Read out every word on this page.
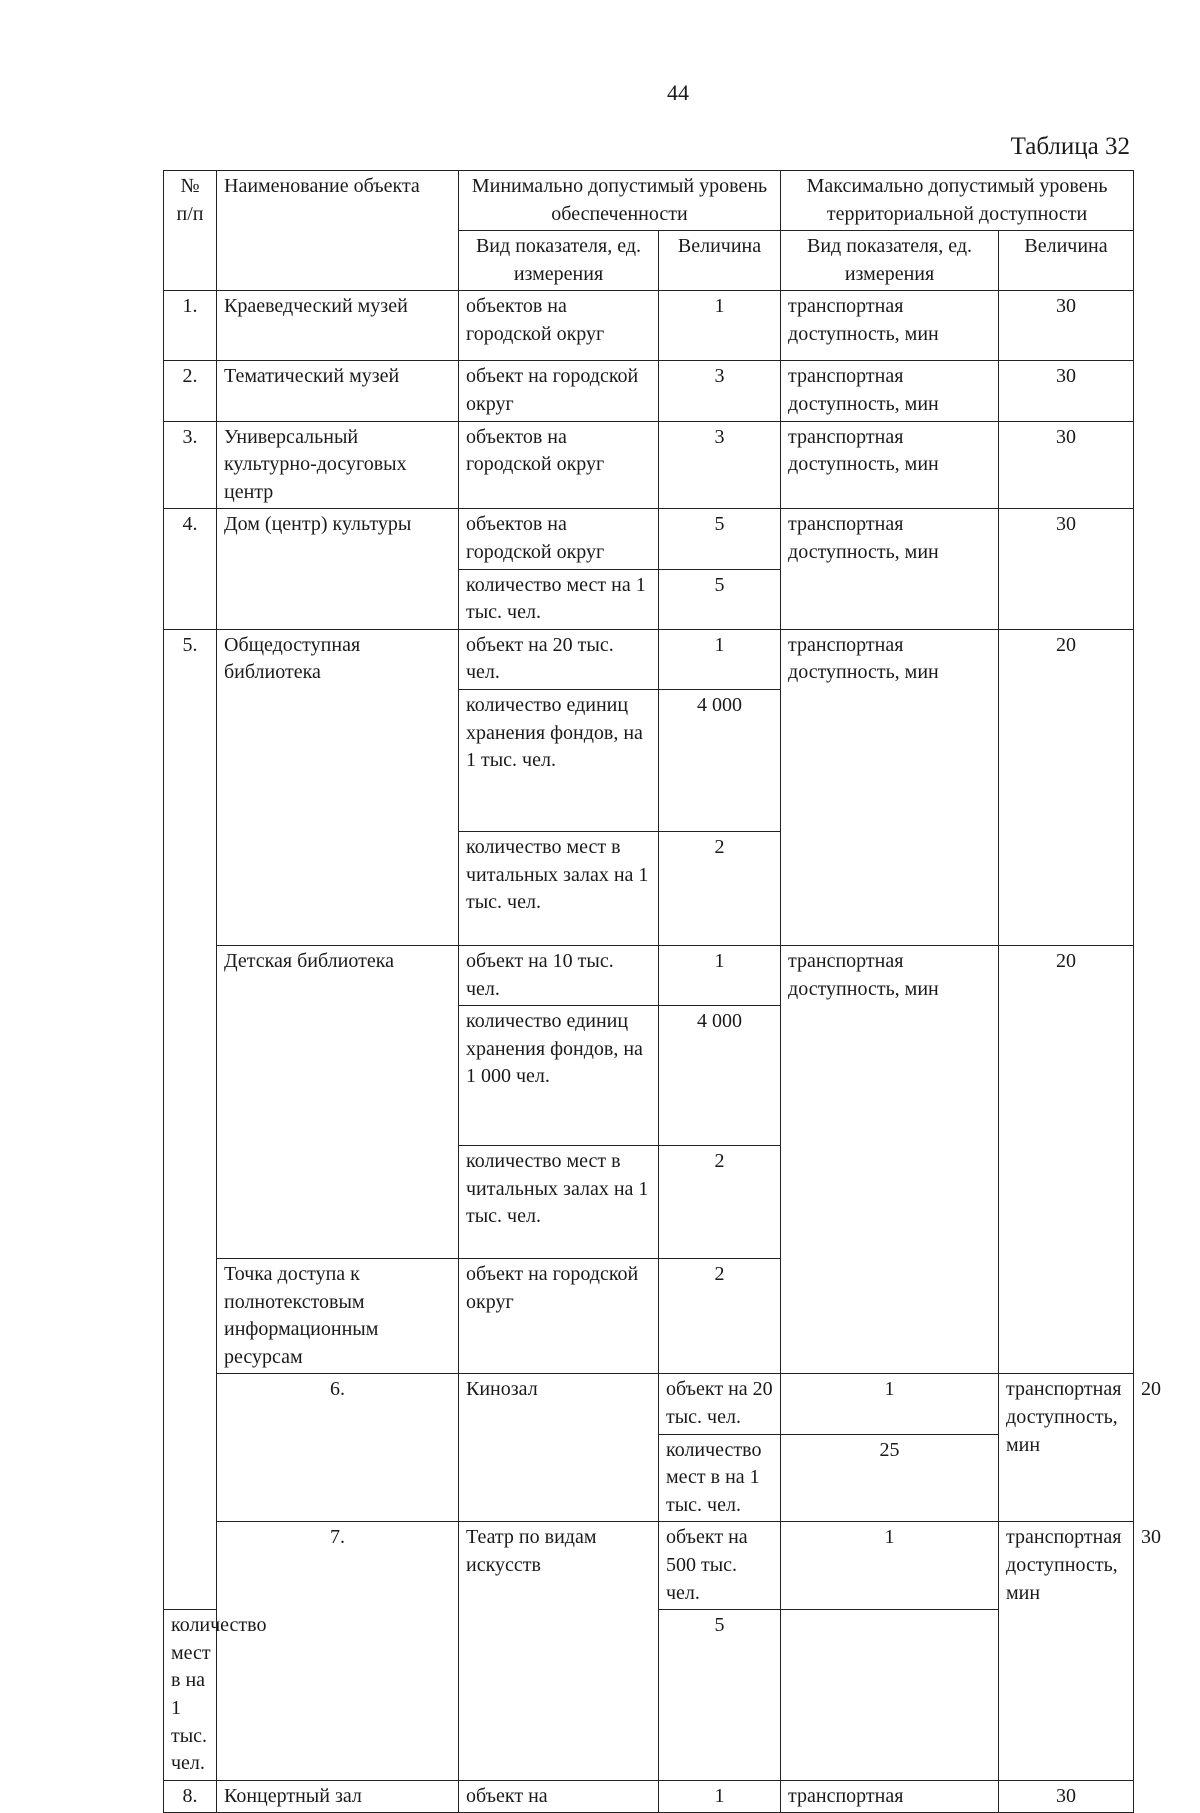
44
Таблица 32
№ п/п	Наименование объекта	Минимально допустимый уровень обеспеченности		Максимально допустимый уровень территориальной доступности		
		Вид показателя, ед. измерения	Величина	Вид показателя, ед. измерения	Величина	
1.	Краеведческий музей	объектов на городской округ	1	транспортная доступность, мин	30	
2.	Тематический музей	объект на городской округ	3	транспортная доступность, мин	30	
3.	Универсальный культурно-досуговых центр	объектов на городской округ	3	транспортная доступность, мин	30	
4.	Дом (центр) культуры	объектов на городской округ	5	транспортная доступность, мин	30	
		количество мест на 1 тыс. чел.	5			
5.	Общедоступная библиотека	объект на 20 тыс. чел.	1	транспортная доступность, мин	20	
		количество единиц хранения фондов, на 1 тыс. чел.	4 000			
		количество мест в читальных залах на 1 тыс. чел.	2			
	Детская библиотека	объект на 10 тыс. чел.	1	транспортная доступность, мин	20	
		количество единиц хранения фондов, на 1 000 чел.	4 000			
		количество мест в читальных залах на 1 тыс. чел.	2			
	Точка доступа к полнотекстовым информационным ресурсам	объект на городской округ	2			
	6.	Кинозал	объект на 20 тыс. чел.	1	транспортная доступность, мин	20
			количество мест в на 1 тыс. чел.	25		
	7.	Театр по видам искусств	объект на 500 тыс. чел.	1	транспортная доступность, мин	30
количество мест в на 1 тыс. чел.			5			
8.	Концертный зал	объект на	1	транспортная	30	
